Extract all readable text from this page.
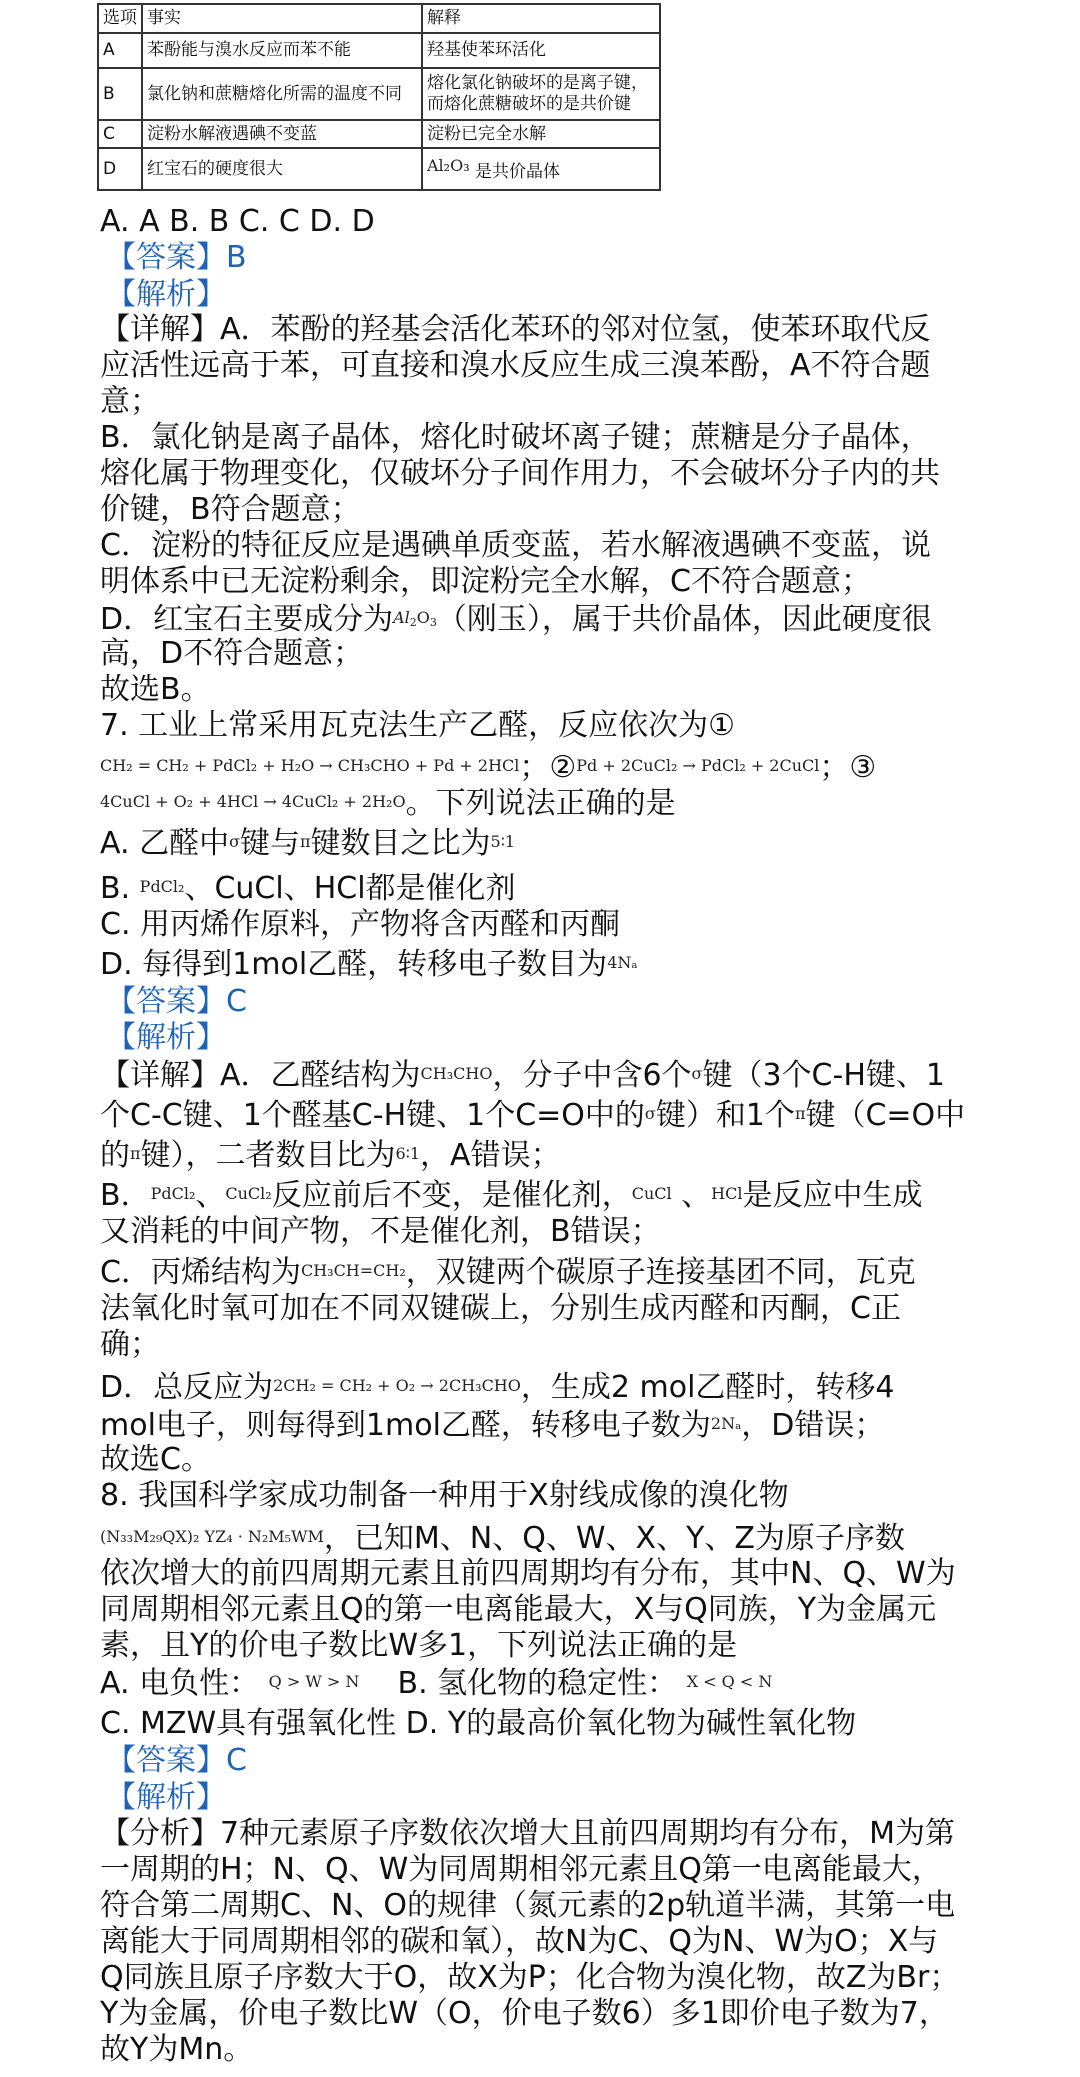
选项	事实	解释
A	苯酚能与溴水反应而苯不能	羟基使苯环活化
B	氯化钠和蔗糖熔化所需的温度不同	熔化氯化钠破坏的是离子键，
而熔化蔗糖破坏的是共价键
C	淀粉水解液遇碘不变蓝	淀粉已完全水解
D	红宝石的硬度很大	Al₂O₃ 是共价晶体
A. A B. B C. C D. D
【答案】B
【解析】
【详解】A．苯酚的羟基会活化苯环的邻对位氢，使苯环取代反
应活性远高于苯，可直接和溴水反应生成三溴苯酚，A不符合题
意；
B．氯化钠是离子晶体，熔化时破坏离子键；蔗糖是分子晶体，
熔化属于物理变化，仅破坏分子间作用力，不会破坏分子内的共
价键，B符合题意；
C．淀粉的特征反应是遇碘单质变蓝，若水解液遇碘不变蓝，说
明体系中已无淀粉剩余，即淀粉完全水解，C不符合题意；
D．红宝石主要成分为$^{Al_2O_3}$（刚玉），属于共价晶体，因此硬度很
高，D不符合题意；
故选B。
7. 工业上常采用瓦克法生产乙醛，反应依次为①
$^{CH_2 = CH_2 + PdCl_2 + H_2O \to CH_3CHO + Pd + 2HCl}$；②$^{Pd + 2CuCl_2 \to PdCl_2 + 2CuCl}$；③
$^{4CuCl + O_2 + 4HCl \to 4CuCl_2 + 2H_2O}$。下列说法正确的是
A. 乙醛中$^\sigma$键与$^\pi$键数目之比为$^{5∶1}$
B. $^{PdCl_2}$、CuCl、HCl都是催化剂
C. 用丙烯作原料，产物将含丙醛和丙酮
D. 每得到1mol乙醛，转移电子数目为$^{4N_a}$
【答案】C
【解析】
【详解】A．乙醛结构为$^{CH_3CHO}$，分子中含6个$^\sigma$键（3个C-H键、1
个C-C键、1个醛基C-H键、1个C=O中的$^\sigma$键）和1个$^\pi$键（C=O中
的$^\pi$键），二者数目比为$^{6∶1}$，A错误；
B．$^{PdCl_2}$、$^{CuCl_2}$反应前后不变，是催化剂，$^{CuCl}$ 、$^{HCl}$是反应中生成
又消耗的中间产物，不是催化剂，B错误；
C．丙烯结构为$^{CH_3CH=CH_2}$，双键两个碳原子连接基团不同，瓦克
法氧化时氧可加在不同双键碳上，分别生成丙醛和丙酮，C正
确；
D．总反应为$^{2CH_2 = CH_2 + O_2 \to 2CH_3CHO}$，生成2 mol乙醛时，转移4
mol电子，则每得到1mol乙醛，转移电子数为$^{2N_a}$，D错误；
故选C。
8. 我国科学家成功制备一种用于X射线成像的溴化物
$^{(N_{33}M_{29}QX)_2 YZ_4 \cdot N_2M_5WM}$，已知M、N、Q、W、X、Y、Z为原子序数
依次增大的前四周期元素且前四周期均有分布，其中N、Q、W为
同周期相邻元素且Q的第一电离能最大，X与Q同族，Y为金属元
素，且Y的价电子数比W多1，下列说法正确的是
A. 电负性： $^{Q > W > N}$ B. 氢化物的稳定性： $^{X < Q < N}$
C. MZW具有强氧化性 D. Y的最高价氧化物为碱性氧化物
【答案】C
【解析】
【分析】7种元素原子序数依次增大且前四周期均有分布，M为第
一周期的H；N、Q、W为同周期相邻元素且Q第一电离能最大，
符合第二周期C、N、O的规律（氮元素的2p轨道半满，其第一电
离能大于同周期相邻的碳和氧），故N为C、Q为N、W为O；X与
Q同族且原子序数大于O，故X为P；化合物为溴化物，故Z为Br；
Y为金属，价电子数比W（O，价电子数6）多1即价电子数为7，
故Y为Mn。
